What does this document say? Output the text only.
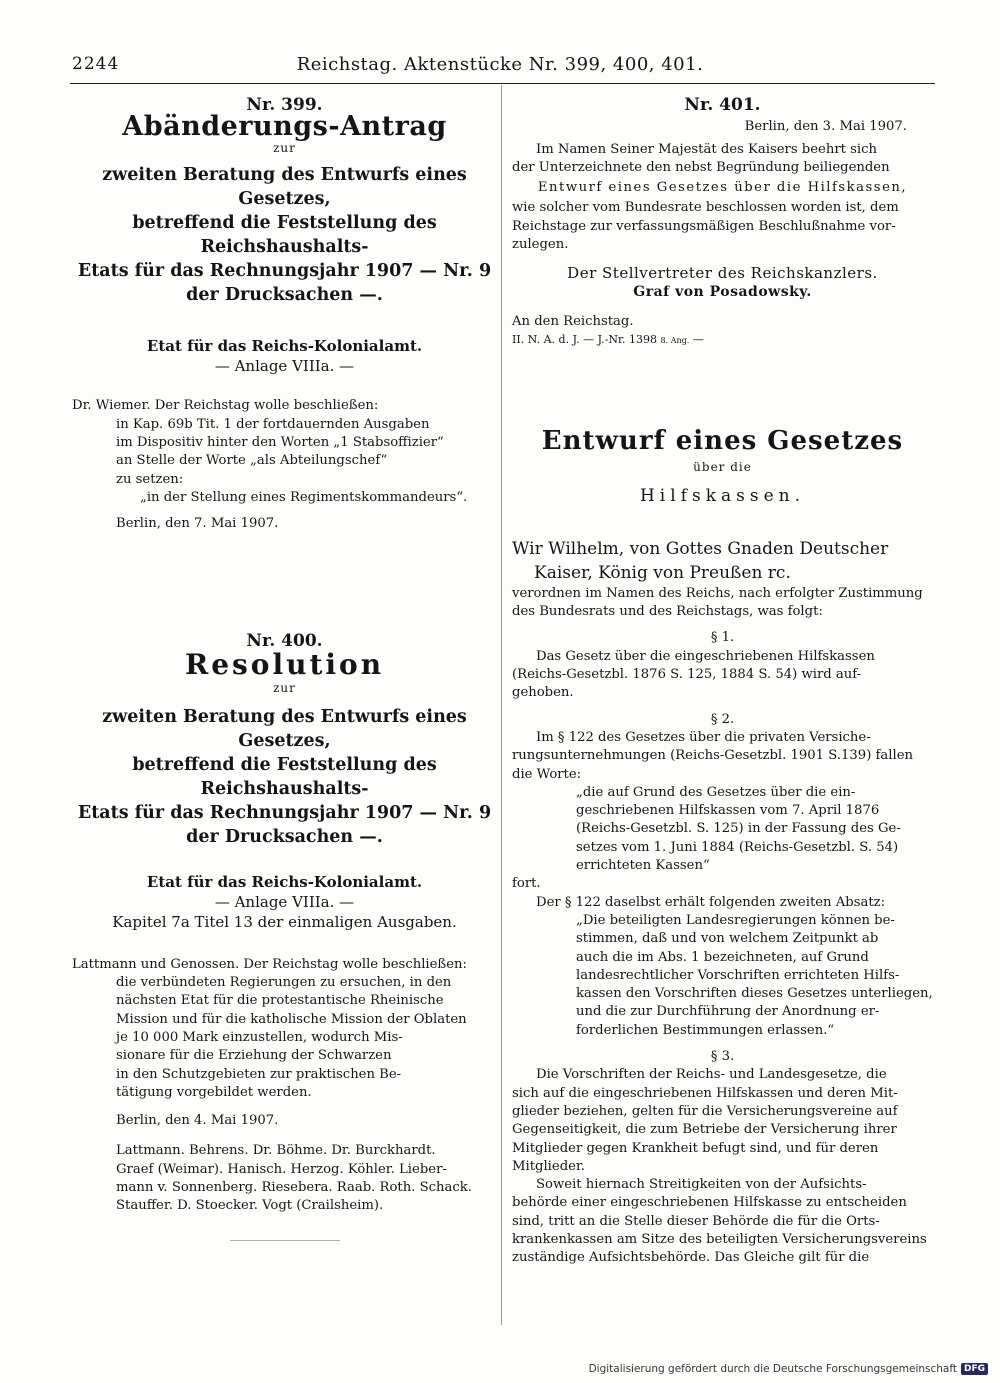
2244	Reichstag. Aktenstücke Nr. 399, 400, 401.
Nr. 399.
Abänderungs-Antrag
zur
zweiten Beratung des Entwurfs eines Gesetzes,
betreffend die Feststellung des Reichshaushalts-
Etats für das Rechnungsjahr 1907 — Nr. 9
der Drucksachen —.
Etat für das Reichs-Kolonialamt.
— Anlage VIIIa. —

Dr. Wiemer. Der Reichstag wolle beschließen:

in Kap. 69b Tit. 1 der fortdauernden Ausgaben

im Dispositiv hinter den Worten „1 Stabsoffizier“

an Stelle der Worte „als Abteilungschef“

zu setzen:

„in der Stellung eines Regimentskommandeurs“.

Berlin, den 7. Mai 1907.

Nr. 400.
Resolution
zur
zweiten Beratung des Entwurfs eines Gesetzes,
betreffend die Feststellung des Reichshaushalts-
Etats für das Rechnungsjahr 1907 — Nr. 9
der Drucksachen —.
Etat für das Reichs-Kolonialamt.
— Anlage VIIIa. —
Kapitel 7a Titel 13 der einmaligen Ausgaben.

Lattmann und Genossen. Der Reichstag wolle beschließen:

die verbündeten Regierungen zu ersuchen, in den

nächsten Etat für die protestantische Rheinische

Mission und für die katholische Mission der Oblaten

je 10 000 Mark einzustellen, wodurch Mis-

sionare für die Erziehung der Schwarzen

in den Schutzgebieten zur praktischen Be-

tätigung vorgebildet werden.

Berlin, den 4. Mai 1907.

Lattmann. Behrens. Dr. Böhme. Dr. Burckhardt.

Graef (Weimar). Hanisch. Herzog. Köhler. Lieber-

mann v. Sonnenberg. Riesebera. Raab. Roth. Schack.

Stauffer. D. Stoecker. Vogt (Crailsheim).

Nr. 401.

Berlin, den 3. Mai 1907.

Im Namen Seiner Majestät des Kaisers beehrt sich

der Unterzeichnete den nebst Begründung beiliegenden

Entwurf eines Gesetzes über die Hilfskassen,

wie solcher vom Bundesrate beschlossen worden ist, dem

Reichstage zur verfassungsmäßigen Beschlußnahme vor-

zulegen.

Der Stellvertreter des Reichskanzlers.
Graf von Posadowsky.

An den Reichstag.

II. N. A. d. J. — J.-Nr. 1398 8. Ang. —

Entwurf eines Gesetzes
über die
Hilfskassen.

Wir Wilhelm, von Gottes Gnaden Deutscher

Kaiser, König von Preußen rc.

verordnen im Namen des Reichs, nach erfolgter Zustimmung

des Bundesrats und des Reichstags, was folgt:

§ 1.

Das Gesetz über die eingeschriebenen Hilfskassen

(Reichs-Gesetzbl. 1876 S. 125, 1884 S. 54) wird auf-

gehoben.

§ 2.

Im § 122 des Gesetzes über die privaten Versiche-

rungsunternehmungen (Reichs-Gesetzbl. 1901 S.139) fallen

die Worte:

„die auf Grund des Gesetzes über die ein-

geschriebenen Hilfskassen vom 7. April 1876

(Reichs-Gesetzbl. S. 125) in der Fassung des Ge-

setzes vom 1. Juni 1884 (Reichs-Gesetzbl. S. 54)

errichteten Kassen“

fort.

Der § 122 daselbst erhält folgenden zweiten Absatz:

„Die beteiligten Landesregierungen können be-

stimmen, daß und von welchem Zeitpunkt ab

auch die im Abs. 1 bezeichneten, auf Grund

landesrechtlicher Vorschriften errichteten Hilfs-

kassen den Vorschriften dieses Gesetzes unterliegen,

und die zur Durchführung der Anordnung er-

forderlichen Bestimmungen erlassen.“

§ 3.

Die Vorschriften der Reichs- und Landesgesetze, die

sich auf die eingeschriebenen Hilfskassen und deren Mit-

glieder beziehen, gelten für die Versicherungsvereine auf

Gegenseitigkeit, die zum Betriebe der Versicherung ihrer

Mitglieder gegen Krankheit befugt sind, und für deren

Mitglieder.

Soweit hiernach Streitigkeiten von der Aufsichts-

behörde einer eingeschriebenen Hilfskasse zu entscheiden

sind, tritt an die Stelle dieser Behörde die für die Orts-

krankenkassen am Sitze des beteiligten Versicherungsvereins

zuständige Aufsichtsbehörde. Das Gleiche gilt für die

Digitalisierung gefördert durch die Deutsche Forschungsgemeinschaft DFG
